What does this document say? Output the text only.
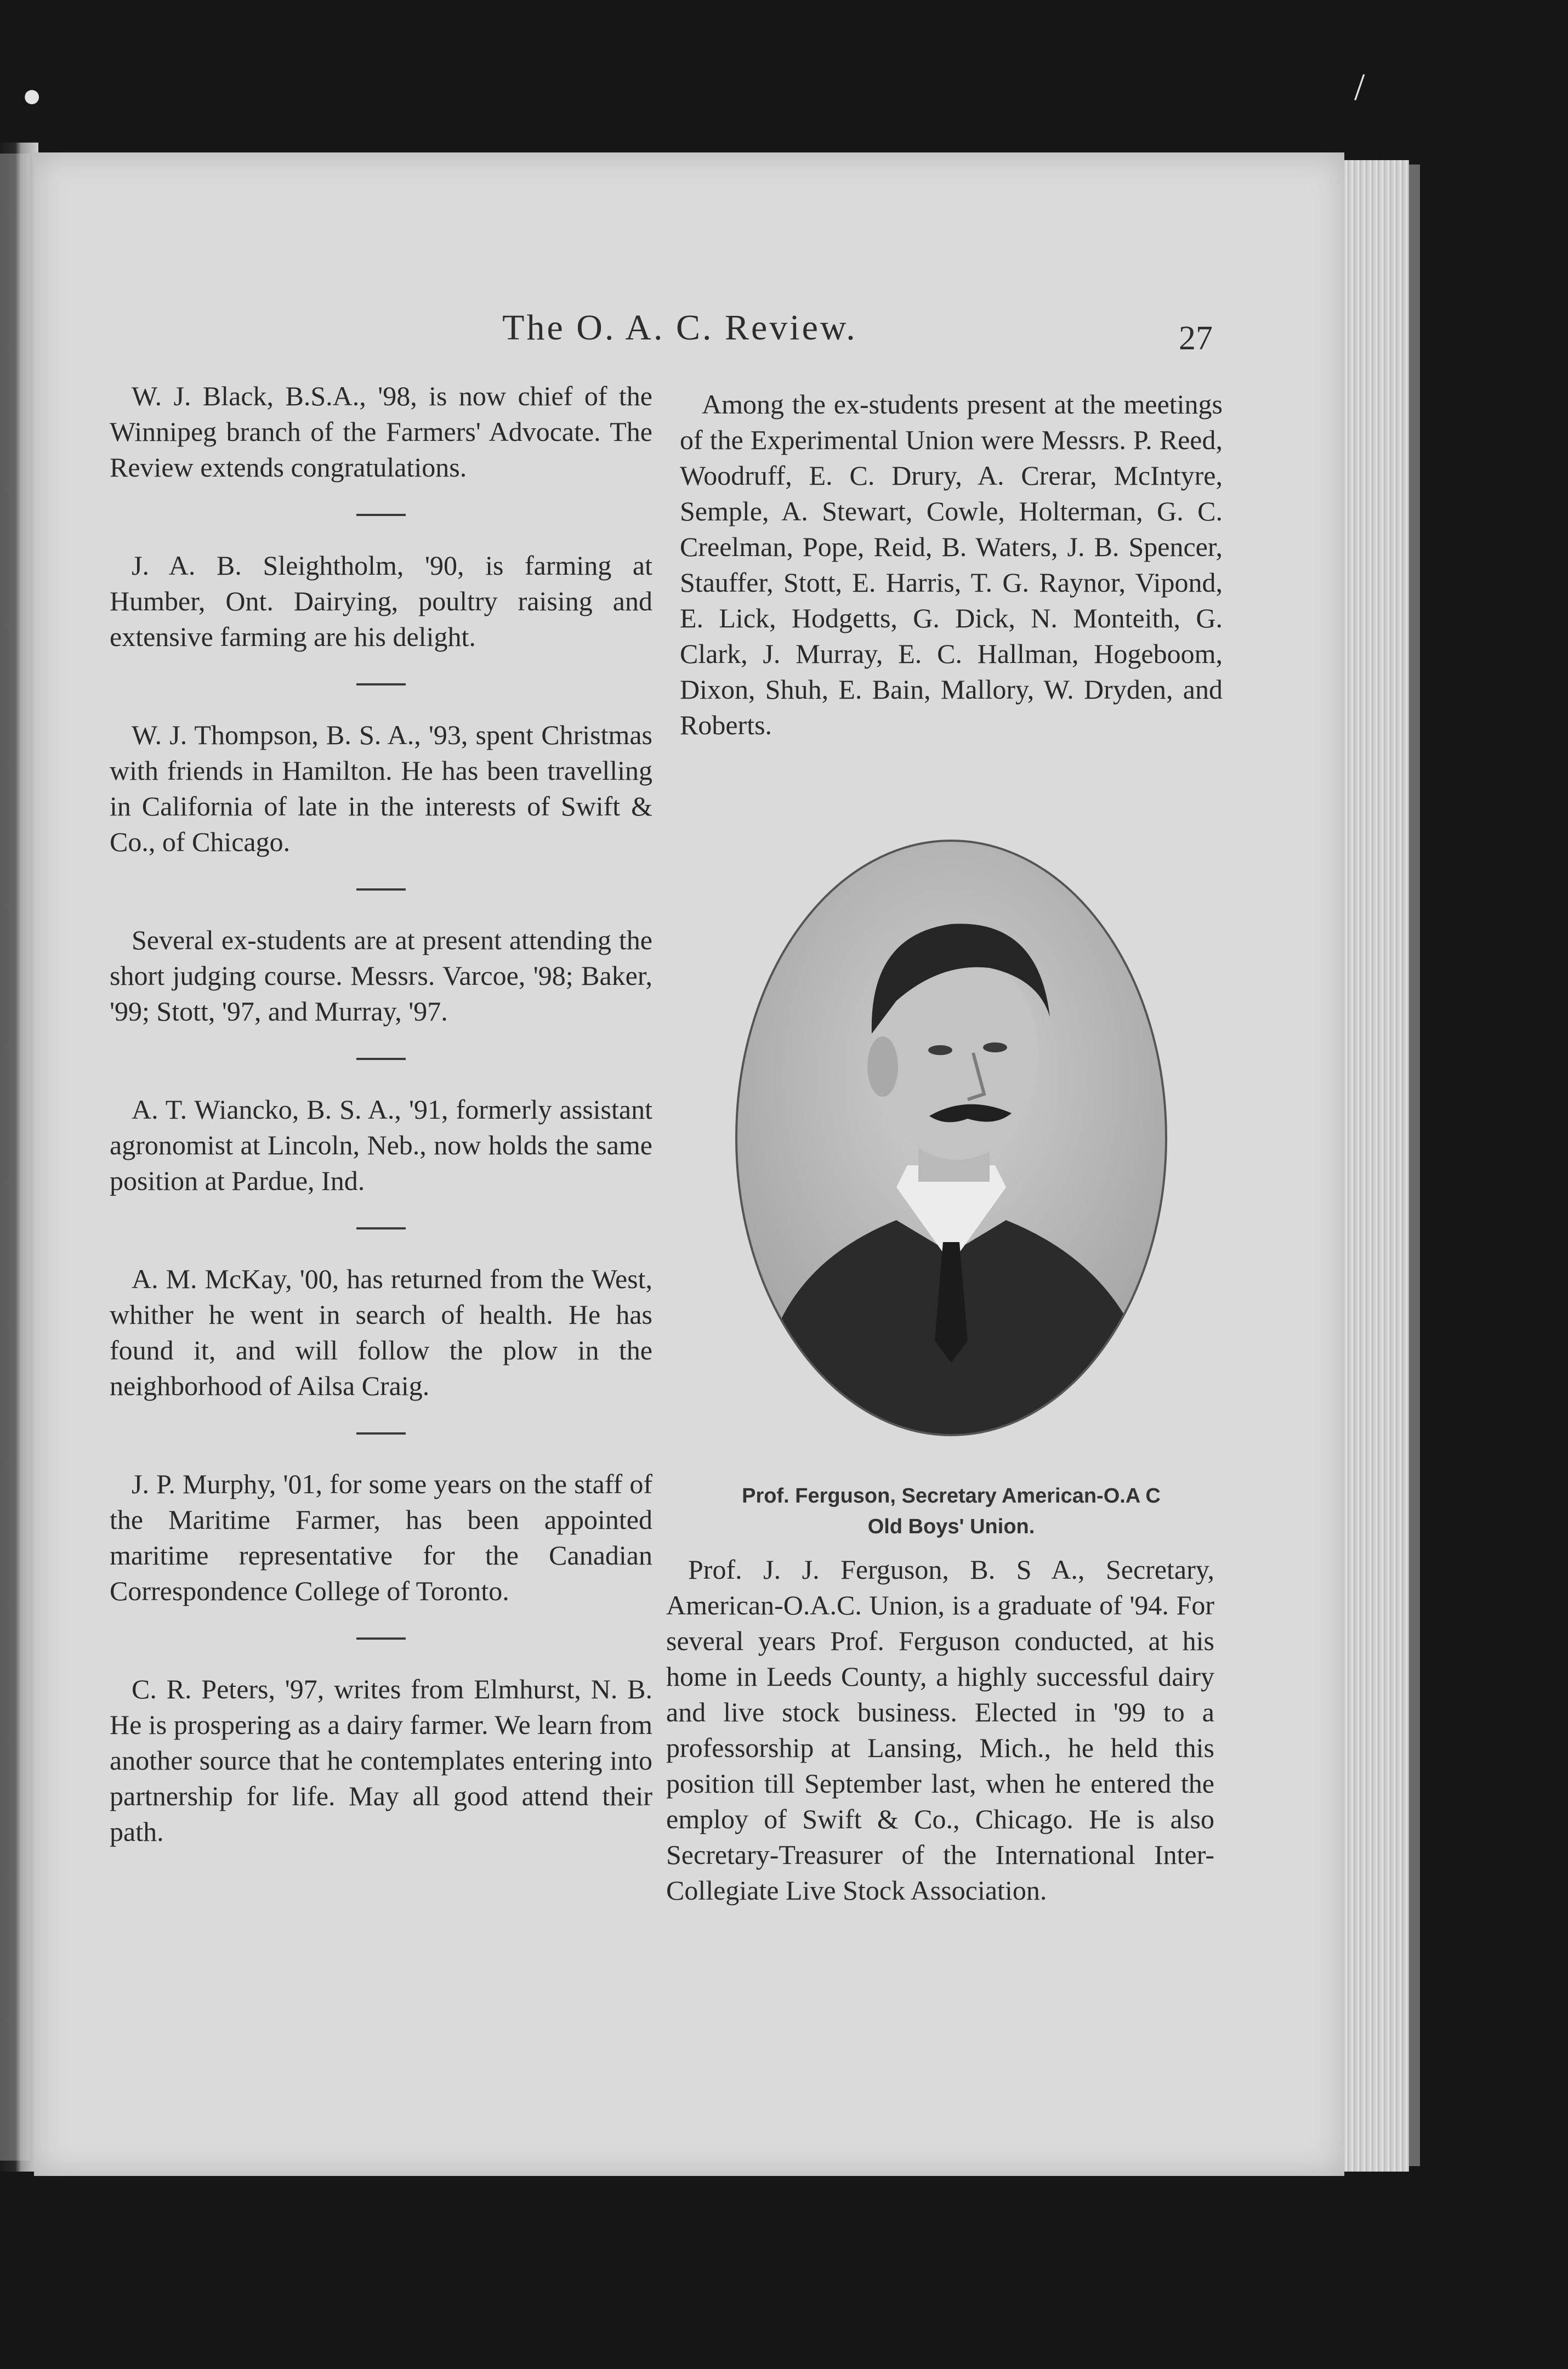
●	/
The O. A. C. Review.	27

W. J. Black, B.S.A., '98, is now chief of the Winnipeg branch of the Farmers' Advocate. The Review extends congratulations.

J. A. B. Sleightholm, '90, is farming at Humber, Ont. Dairying, poultry raising and extensive farming are his delight.

W. J. Thompson, B. S. A., '93, spent Christmas with friends in Hamilton. He has been travelling in California of late in the interests of Swift & Co., of Chicago.

Several ex-students are at present attending the short judging course. Messrs. Varcoe, '98; Baker, '99; Stott, '97, and Murray, '97.

A. T. Wiancko, B. S. A., '91, formerly assistant agronomist at Lincoln, Neb., now holds the same position at Pardue, Ind.

A. M. McKay, '00, has returned from the West, whither he went in search of health. He has found it, and will follow the plow in the neighborhood of Ailsa Craig.

J. P. Murphy, '01, for some years on the staff of the Maritime Farmer, has been appointed maritime representative for the Canadian Correspondence College of Toronto.

C. R. Peters, '97, writes from Elmhurst, N. B. He is prospering as a dairy farmer. We learn from another source that he contemplates entering into partnership for life. May all good attend their path.

Among the ex-students present at the meetings of the Experimental Union were Messrs. P. Reed, Woodruff, E. C. Drury, A. Crerar, McIntyre, Semple, A. Stewart, Cowle, Holterman, G. C. Creelman, Pope, Reid, B. Waters, J. B. Spencer, Stauffer, Stott, E. Harris, T. G. Raynor, Vipond, E. Lick, Hodgetts, G. Dick, N. Monteith, G. Clark, J. Murray, E. C. Hallman, Hogeboom, Dixon, Shuh, E. Bain, Mallory, W. Dryden, and Roberts.

Prof. Ferguson, Secretary American-O.A C
Old Boys' Union.

Prof. J. J. Ferguson, B. S A., Secretary, American-O.A.C. Union, is a graduate of '94. For several years Prof. Ferguson conducted, at his home in Leeds County, a highly successful dairy and live stock business. Elected in '99 to a professorship at Lansing, Mich., he held this position till September last, when he entered the employ of Swift & Co., Chicago. He is also Secretary-Treasurer of the International Inter-Collegiate Live Stock Association.
